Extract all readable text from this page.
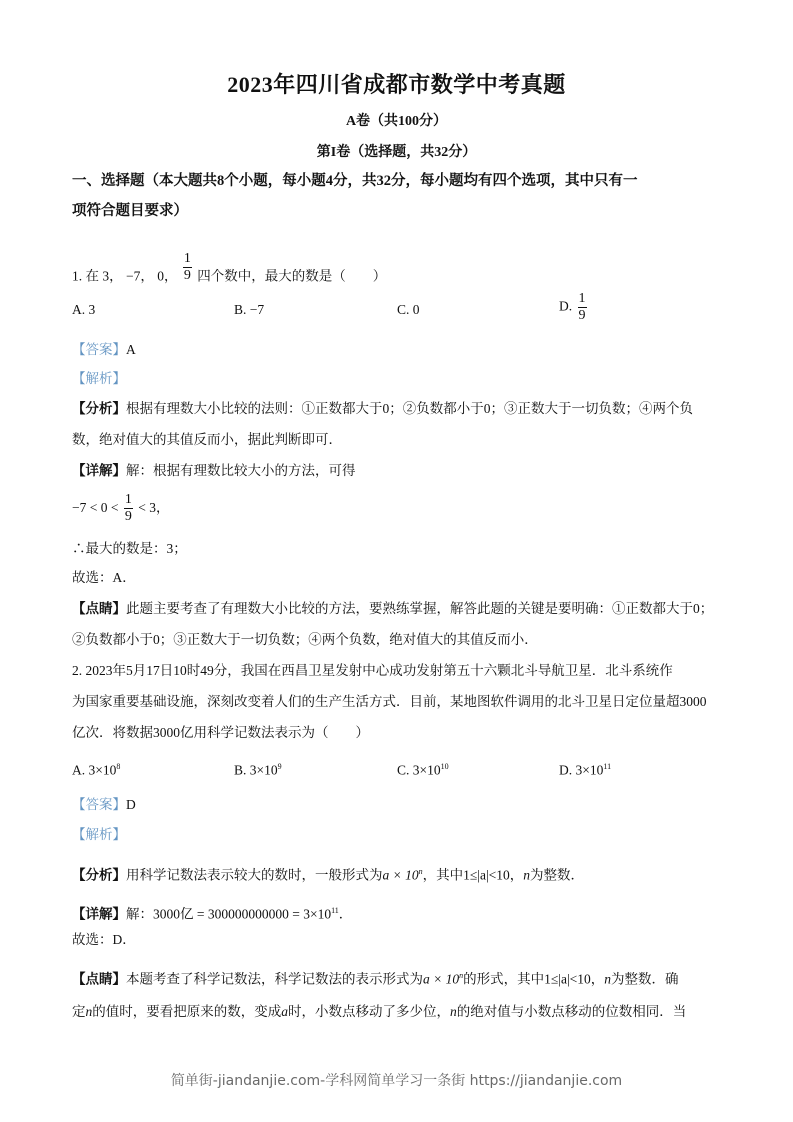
2023年四川省成都市数学中考真题
A卷（共100分）
第I卷（选择题，共32分）
一、选择题（本大题共8个小题，每小题4分，共32分，每小题均有四个选项，其中只有一
项符合题目要求）
1. 在 3， −7， 0， $\frac{1}{9}$ 四个数中，最大的数是（　　）
A. 3	B. −7	C. 0	D. $\frac{1}{9}$
【答案】A
【解析】
【分析】根据有理数大小比较的法则：①正数都大于0；②负数都小于0；③正数大于一切负数；④两个负
数，绝对值大的其值反而小，据此判断即可．
【详解】解：根据有理数比较大小的方法，可得
$-7 < 0 < \frac{1}{9} < 3$，
∴最大的数是：3；
故选：A．
【点睛】此题主要考查了有理数大小比较的方法，要熟练掌握，解答此题的关键是要明确：①正数都大于0；
②负数都小于0；③正数大于一切负数；④两个负数，绝对值大的其值反而小．
2. 2023年5月17日10时49分，我国在西昌卫星发射中心成功发射第五十六颗北斗导航卫星．北斗系统作
为国家重要基础设施，深刻改变着人们的生产生活方式．目前，某地图软件调用的北斗卫星日定位量超3000
亿次．将数据3000亿用科学记数法表示为（　　）
A. $3\times 10^8$	B. $3\times 10^9$	C. $3\times 10^{10}$	D. $3\times 10^{11}$
【答案】D
【解析】
【分析】用科学记数法表示较大的数时，一般形式为$a \times 10^n$，其中1≤|a|<10，n为整数．
【详解】解：3000亿 = $300000000000 = 3\times 10^{11}$．
故选：D．
【点睛】本题考查了科学记数法，科学记数法的表示形式为$a \times 10^n$的形式，其中1≤|a|<10，n为整数．确
定n的值时，要看把原来的数，变成a时，小数点移动了多少位，n的绝对值与小数点移动的位数相同．当
简单街-jiandanjie.com-学科网简单学习一条街 https://jiandanjie.com
